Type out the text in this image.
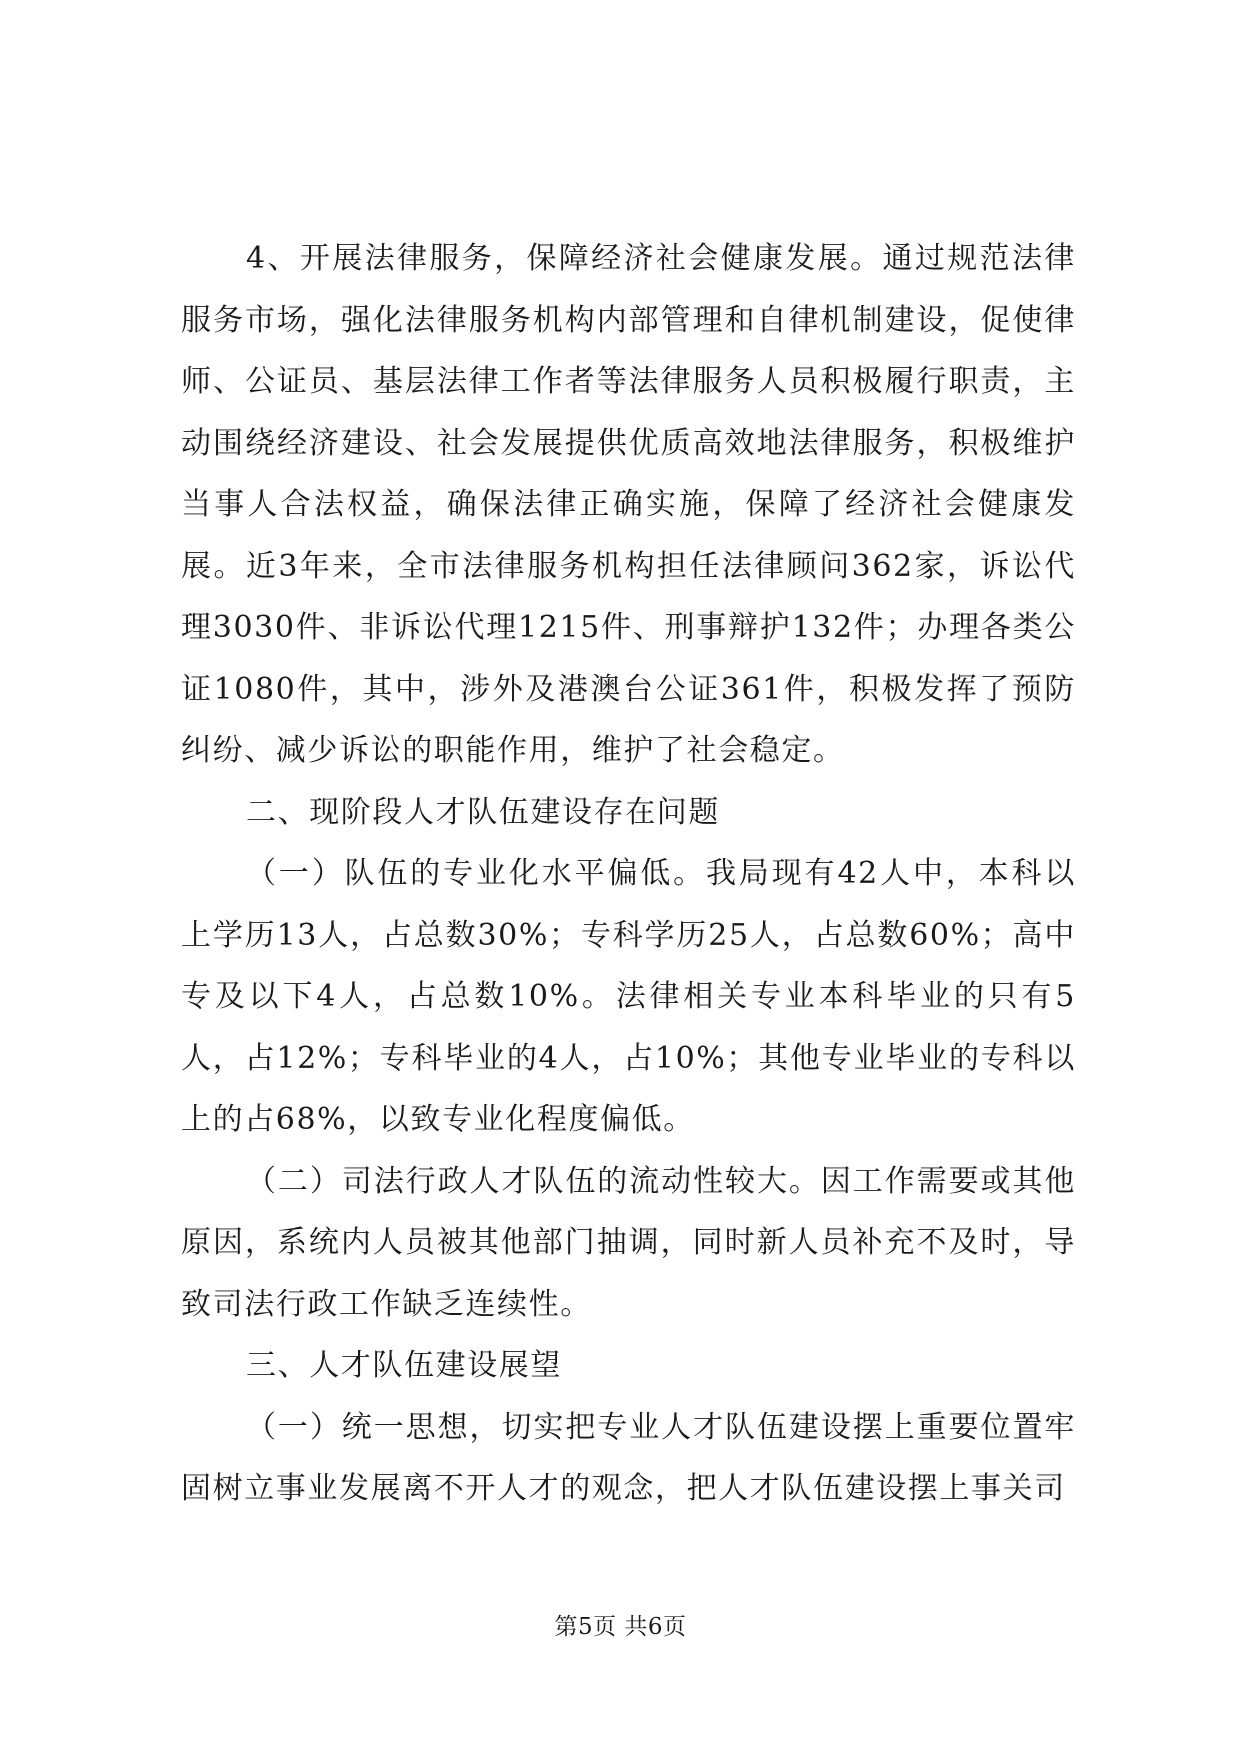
4、开展法律服务，保障经济社会健康发展。通过规范法律服务市场，强化法律服务机构内部管理和自律机制建设，促使律师、公证员、基层法律工作者等法律服务人员积极履行职责，主动围绕经济建设、社会发展提供优质高效地法律服务，积极维护当事人合法权益，确保法律正确实施，保障了经济社会健康发展。近3年来，全市法律服务机构担任法律顾问362家，诉讼代理3030件、非诉讼代理1215件、刑事辩护132件；办理各类公证1080件，其中，涉外及港澳台公证361件，积极发挥了预防纠纷、减少诉讼的职能作用，维护了社会稳定。

二、现阶段人才队伍建设存在问题

（一）队伍的专业化水平偏低。我局现有42人中，本科以上学历13人，占总数30%；专科学历25人，占总数60%；高中专及以下4人，占总数10%。法律相关专业本科毕业的只有5人，占12%；专科毕业的4人，占10%；其他专业毕业的专科以上的占68%，以致专业化程度偏低。

（二）司法行政人才队伍的流动性较大。因工作需要或其他原因，系统内人员被其他部门抽调，同时新人员补充不及时，导致司法行政工作缺乏连续性。

三、人才队伍建设展望

（一）统一思想，切实把专业人才队伍建设摆上重要位置牢固树立事业发展离不开人才的观念，把人才队伍建设摆上事关司

第5页 共6页
